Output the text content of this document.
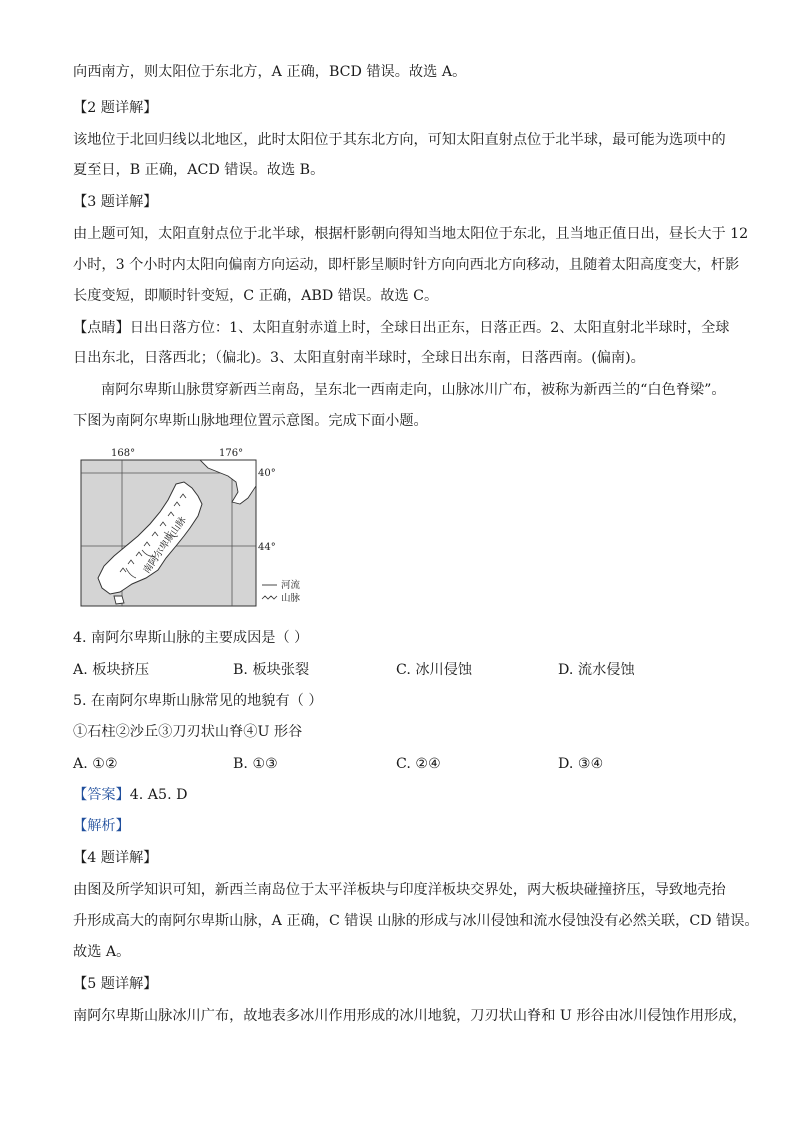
向西南方，则太阳位于东北方，A 正确，BCD 错误。故选 A。
【2 题详解】
该地位于北回归线以北地区，此时太阳位于其东北方向，可知太阳直射点位于北半球，最可能为选项中的
夏至日，B 正确，ACD 错误。故选 B。
【3 题详解】
由上题可知，太阳直射点位于北半球，根据杆影朝向得知当地太阳位于东北，且当地正值日出，昼长大于 12
小时，3 个小时内太阳向偏南方向运动，即杆影呈顺时针方向向西北方向移动，且随着太阳高度变大，杆影
长度变短，即顺时针变短，C 正确，ABD 错误。故选 C。
【点睛】日出日落方位：1、太阳直射赤道上时，全球日出正东，日落正西。2、太阳直射北半球时，全球
日出东北，日落西北；（偏北)。3、太阳直射南半球时，全球日出东南，日落西南。(偏南)。
南阿尔卑斯山脉贯穿新西兰南岛，呈东北一西南走向，山脉冰川广布，被称为新西兰的“白色脊梁”。
下图为南阿尔卑斯山脉地理位置示意图。完成下面小题。
168°	176°
40°
44°
南阿尔卑斯山脉
河流
山脉
4. 南阿尔卑斯山脉的主要成因是（ ）
A. 板块挤压	B. 板块张裂	C. 冰川侵蚀	D. 流水侵蚀
5. 在南阿尔卑斯山脉常见的地貌有（ ）
①石柱②沙丘③刀刃状山脊④U 形谷
A. ①②	B. ①③	C. ②④	D. ③④
【答案】4. A5. D
【解析】
【4 题详解】
由图及所学知识可知，新西兰南岛位于太平洋板块与印度洋板块交界处，两大板块碰撞挤压，导致地壳抬
升形成高大的南阿尔卑斯山脉，A 正确，C 错误 山脉的形成与冰川侵蚀和流水侵蚀没有必然关联，CD 错误。
故选 A。
【5 题详解】
南阿尔卑斯山脉冰川广布，故地表多冰川作用形成的冰川地貌，刀刃状山脊和 U 形谷由冰川侵蚀作用形成，
